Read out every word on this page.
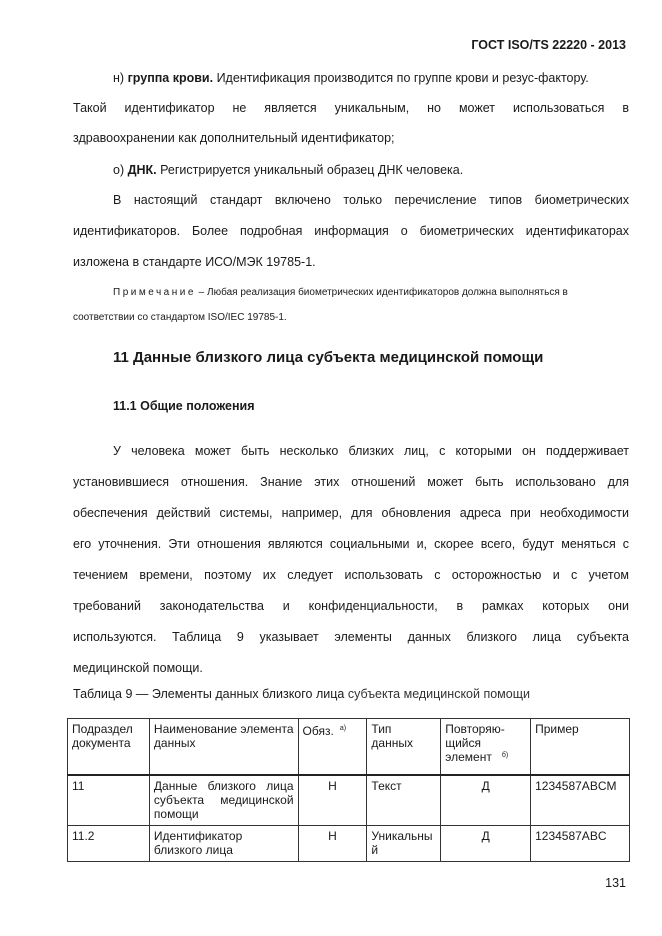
ГОСТ ISO/TS 22220 - 2013
н) группа крови. Идентификация производится по группе крови и резус-фактору.
Такой идентификатор не является уникальным, но может использоваться в
здравоохранении как дополнительный идентификатор;
о) ДНК. Регистрируется уникальный образец ДНК человека.
В настоящий стандарт включено только перечисление типов биометрических
идентификаторов. Более подробная информация о биометрических идентификаторах
изложена в стандарте ИСО/МЭК 19785-1.
Примечание – Любая реализация биометрических идентификаторов должна выполняться в
соответствии со стандартом ISO/IEC 19785-1.
11 Данные близкого лица субъекта медицинской помощи
11.1 Общие положения
У человека может быть несколько близких лиц, с которыми он поддерживает
установившиеся отношения. Знание этих отношений может быть использовано для
обеспечения действий системы, например, для обновления адреса при необходимости
его уточнения. Эти отношения являются социальными и, скорее всего, будут меняться с
течением времени, поэтому их следует использовать с осторожностью и с учетом
требований законодательства и конфиденциальности, в рамках которых они
используются. Таблица 9 указывает элементы данных близкого лица субъекта
медицинской помощи.
Таблица 9 — Элементы данных близкого лица субъекта медицинской помощи
Подраздел документа	Наименование элемента данных	Обяз. $^{а)}$	Тип данных	Повторяю-щийся элемент $^{б)}$	Пример
11	Данные близкого лица субъекта медицинской помощи	Н	Текст	Д	1234587ABCM
11.2	Идентификатор близкого лица	Н	Уникальный	Д	1234587ABC
131
